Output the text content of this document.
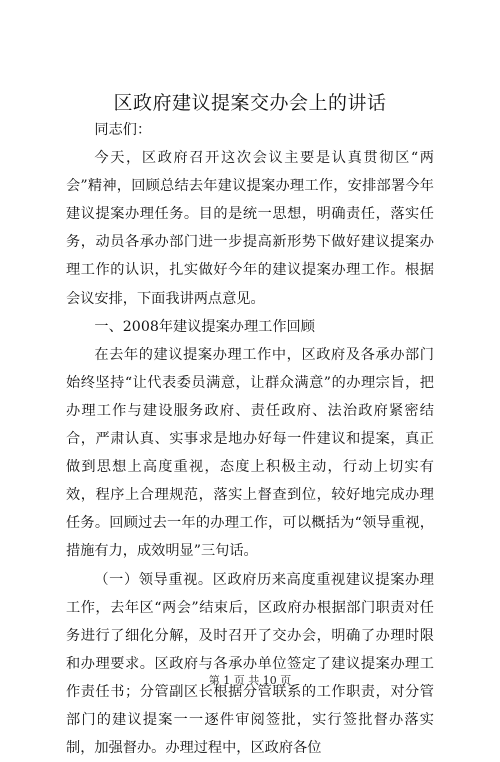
区政府建议提案交办会上的讲话

同志们：

今天，区政府召开这次会议主要是认真贯彻区“两会”精神，回顾总结去年建议提案办理工作，安排部署今年建议提案办理任务。目的是统一思想，明确责任，落实任务，动员各承办部门进一步提高新形势下做好建议提案办理工作的认识，扎实做好今年的建议提案办理工作。根据会议安排，下面我讲两点意见。

一、2008年建议提案办理工作回顾

在去年的建议提案办理工作中，区政府及各承办部门始终坚持“让代表委员满意，让群众满意”的办理宗旨，把办理工作与建设服务政府、责任政府、法治政府紧密结合，严肃认真、实事求是地办好每一件建议和提案，真正做到思想上高度重视，态度上积极主动，行动上切实有效，程序上合理规范，落实上督查到位，较好地完成办理任务。回顾过去一年的办理工作，可以概括为“领导重视，措施有力，成效明显”三句话。

（一）领导重视。区政府历来高度重视建议提案办理工作，去年区“两会”结束后，区政府办根据部门职责对任务进行了细化分解，及时召开了交办会，明确了办理时限和办理要求。区政府与各承办单位签定了建议提案办理工作责任书；分管副区长根据分管联系的工作职责，对分管部门的建议提案一一逐件审阅签批，实行签批督办落实制，加强督办。办理过程中，区政府各位

第 1 页 共 10 页
